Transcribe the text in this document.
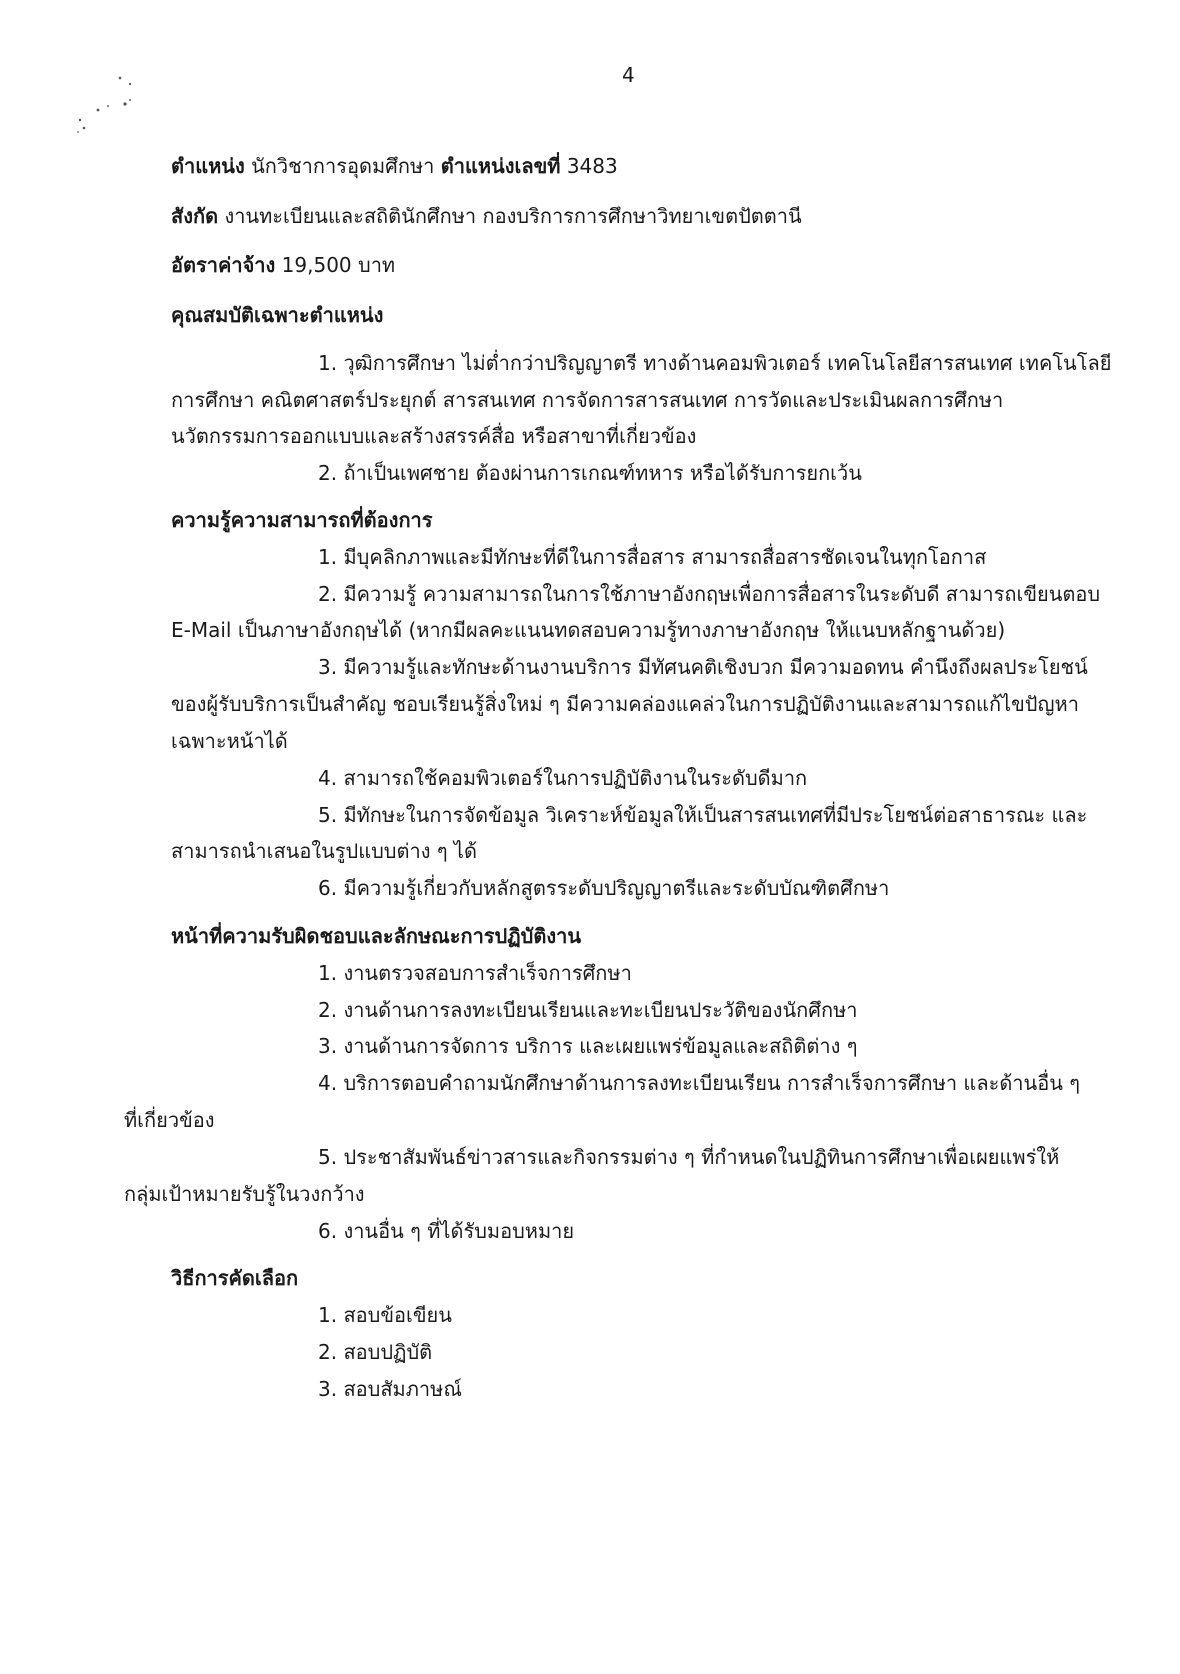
4
ตำแหน่ง นักวิชาการอุดมศึกษา ตำแหน่งเลขที่ 3483
สังกัด งานทะเบียนและสถิตินักศึกษา กองบริการการศึกษาวิทยาเขตปัตตานี
อัตราค่าจ้าง 19,500 บาท
คุณสมบัติเฉพาะตำแหน่ง
1. วุฒิการศึกษา ไม่ต่ำกว่าปริญญาตรี ทางด้านคอมพิวเตอร์ เทคโนโลยีสารสนเทศ เทคโนโลยี
การศึกษา คณิตศาสตร์ประยุกต์ สารสนเทศ การจัดการสารสนเทศ การวัดและประเมินผลการศึกษา
นวัตกรรมการออกแบบและสร้างสรรค์สื่อ หรือสาขาที่เกี่ยวข้อง
2. ถ้าเป็นเพศชาย ต้องผ่านการเกณฑ์ทหาร หรือได้รับการยกเว้น
ความรู้ความสามารถที่ต้องการ
1. มีบุคลิกภาพและมีทักษะที่ดีในการสื่อสาร สามารถสื่อสารชัดเจนในทุกโอกาส
2. มีความรู้ ความสามารถในการใช้ภาษาอังกฤษเพื่อการสื่อสารในระดับดี สามารถเขียนตอบ
E-Mail เป็นภาษาอังกฤษได้ (หากมีผลคะแนนทดสอบความรู้ทางภาษาอังกฤษ ให้แนบหลักฐานด้วย)
3. มีความรู้และทักษะด้านงานบริการ มีทัศนคติเชิงบวก มีความอดทน คำนึงถึงผลประโยชน์
ของผู้รับบริการเป็นสำคัญ ชอบเรียนรู้สิ่งใหม่ ๆ มีความคล่องแคล่วในการปฏิบัติงานและสามารถแก้ไขปัญหา
เฉพาะหน้าได้
4. สามารถใช้คอมพิวเตอร์ในการปฏิบัติงานในระดับดีมาก
5. มีทักษะในการจัดข้อมูล วิเคราะห์ข้อมูลให้เป็นสารสนเทศที่มีประโยชน์ต่อสาธารณะ และ
สามารถนำเสนอในรูปแบบต่าง ๆ ได้
6. มีความรู้เกี่ยวกับหลักสูตรระดับปริญญาตรีและระดับบัณฑิตศึกษา
หน้าที่ความรับผิดชอบและลักษณะการปฏิบัติงาน
1. งานตรวจสอบการสำเร็จการศึกษา
2. งานด้านการลงทะเบียนเรียนและทะเบียนประวัติของนักศึกษา
3. งานด้านการจัดการ บริการ และเผยแพร่ข้อมูลและสถิติต่าง ๆ
4. บริการตอบคำถามนักศึกษาด้านการลงทะเบียนเรียน การสำเร็จการศึกษา และด้านอื่น ๆ
ที่เกี่ยวข้อง
5. ประชาสัมพันธ์ข่าวสารและกิจกรรมต่าง ๆ ที่กำหนดในปฏิทินการศึกษาเพื่อเผยแพร่ให้
กลุ่มเป้าหมายรับรู้ในวงกว้าง
6. งานอื่น ๆ ที่ได้รับมอบหมาย
วิธีการคัดเลือก
1. สอบข้อเขียน
2. สอบปฏิบัติ
3. สอบสัมภาษณ์
